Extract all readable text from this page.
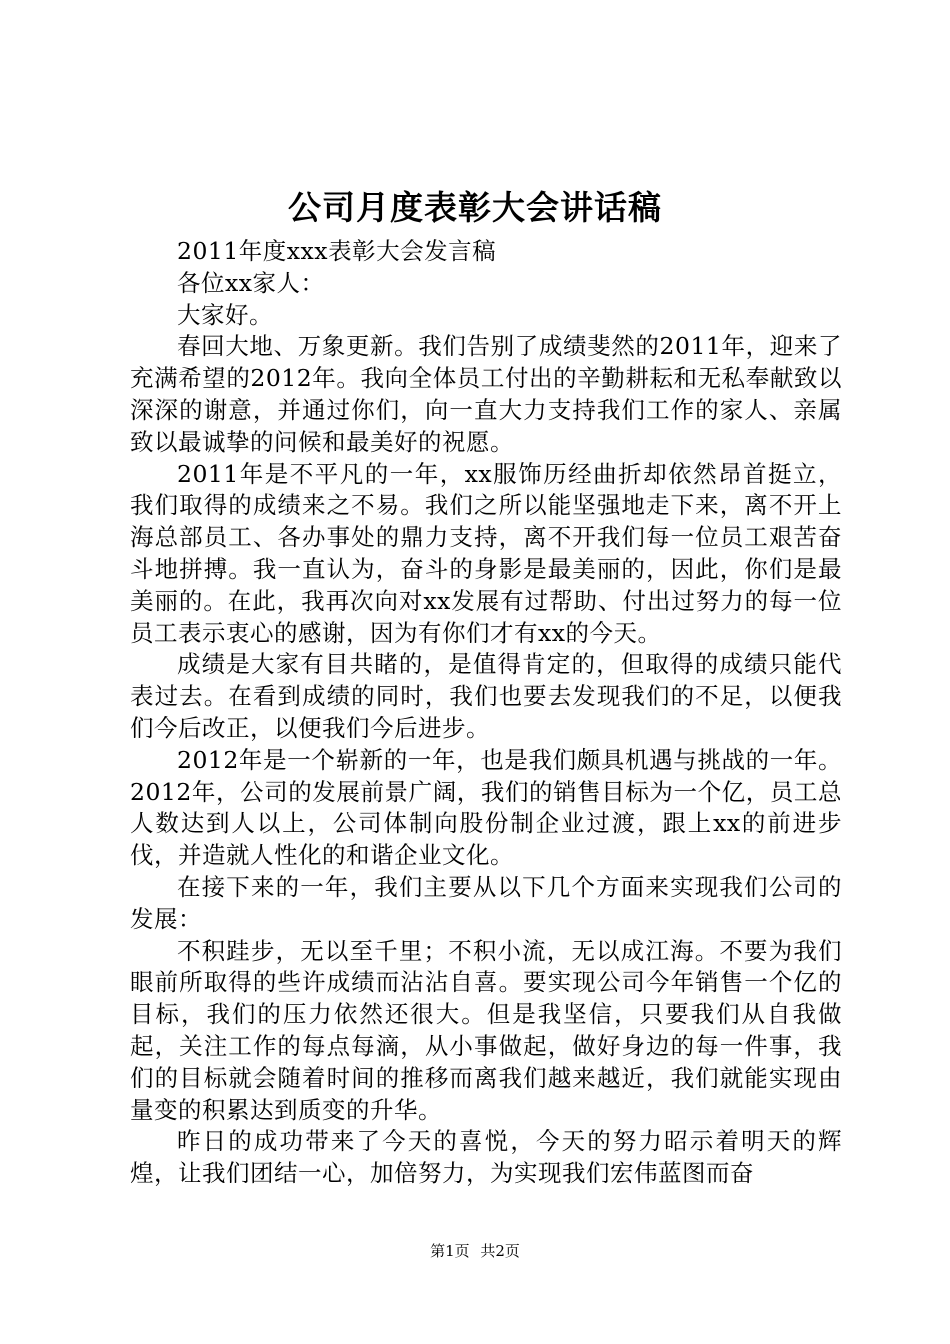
公司月度表彰大会讲话稿

2011年度xxx表彰大会发言稿

各位xx家人：

大家好。

春回大地、万象更新。我们告别了成绩斐然的2011年，迎来了充满希望的2012年。我向全体员工付出的辛勤耕耘和无私奉献致以深深的谢意，并通过你们，向一直大力支持我们工作的家人、亲属致以最诚挚的问候和最美好的祝愿。

2011年是不平凡的一年，xx服饰历经曲折却依然昂首挺立，我们取得的成绩来之不易。我们之所以能坚强地走下来，离不开上海总部员工、各办事处的鼎力支持，离不开我们每一位员工艰苦奋斗地拼搏。我一直认为，奋斗的身影是最美丽的，因此，你们是最美丽的。在此，我再次向对xx发展有过帮助、付出过努力的每一位员工表示衷心的感谢，因为有你们才有xx的今天。

成绩是大家有目共睹的，是值得肯定的，但取得的成绩只能代表过去。在看到成绩的同时，我们也要去发现我们的不足，以便我们今后改正，以便我们今后进步。

2012年是一个崭新的一年，也是我们颇具机遇与挑战的一年。2012年，公司的发展前景广阔，我们的销售目标为一个亿，员工总人数达到人以上，公司体制向股份制企业过渡，跟上xx的前进步伐，并造就人性化的和谐企业文化。

在接下来的一年，我们主要从以下几个方面来实现我们公司的发展：

不积跬步，无以至千里；不积小流，无以成江海。不要为我们眼前所取得的些许成绩而沾沾自喜。要实现公司今年销售一个亿的目标，我们的压力依然还很大。但是我坚信，只要我们从自我做起，关注工作的每点每滴，从小事做起，做好身边的每一件事，我们的目标就会随着时间的推移而离我们越来越近，我们就能实现由量变的积累达到质变的升华。

昨日的成功带来了今天的喜悦，今天的努力昭示着明天的辉煌，让我们团结一心，加倍努力，为实现我们宏伟蓝图而奋

第1页 共2页
